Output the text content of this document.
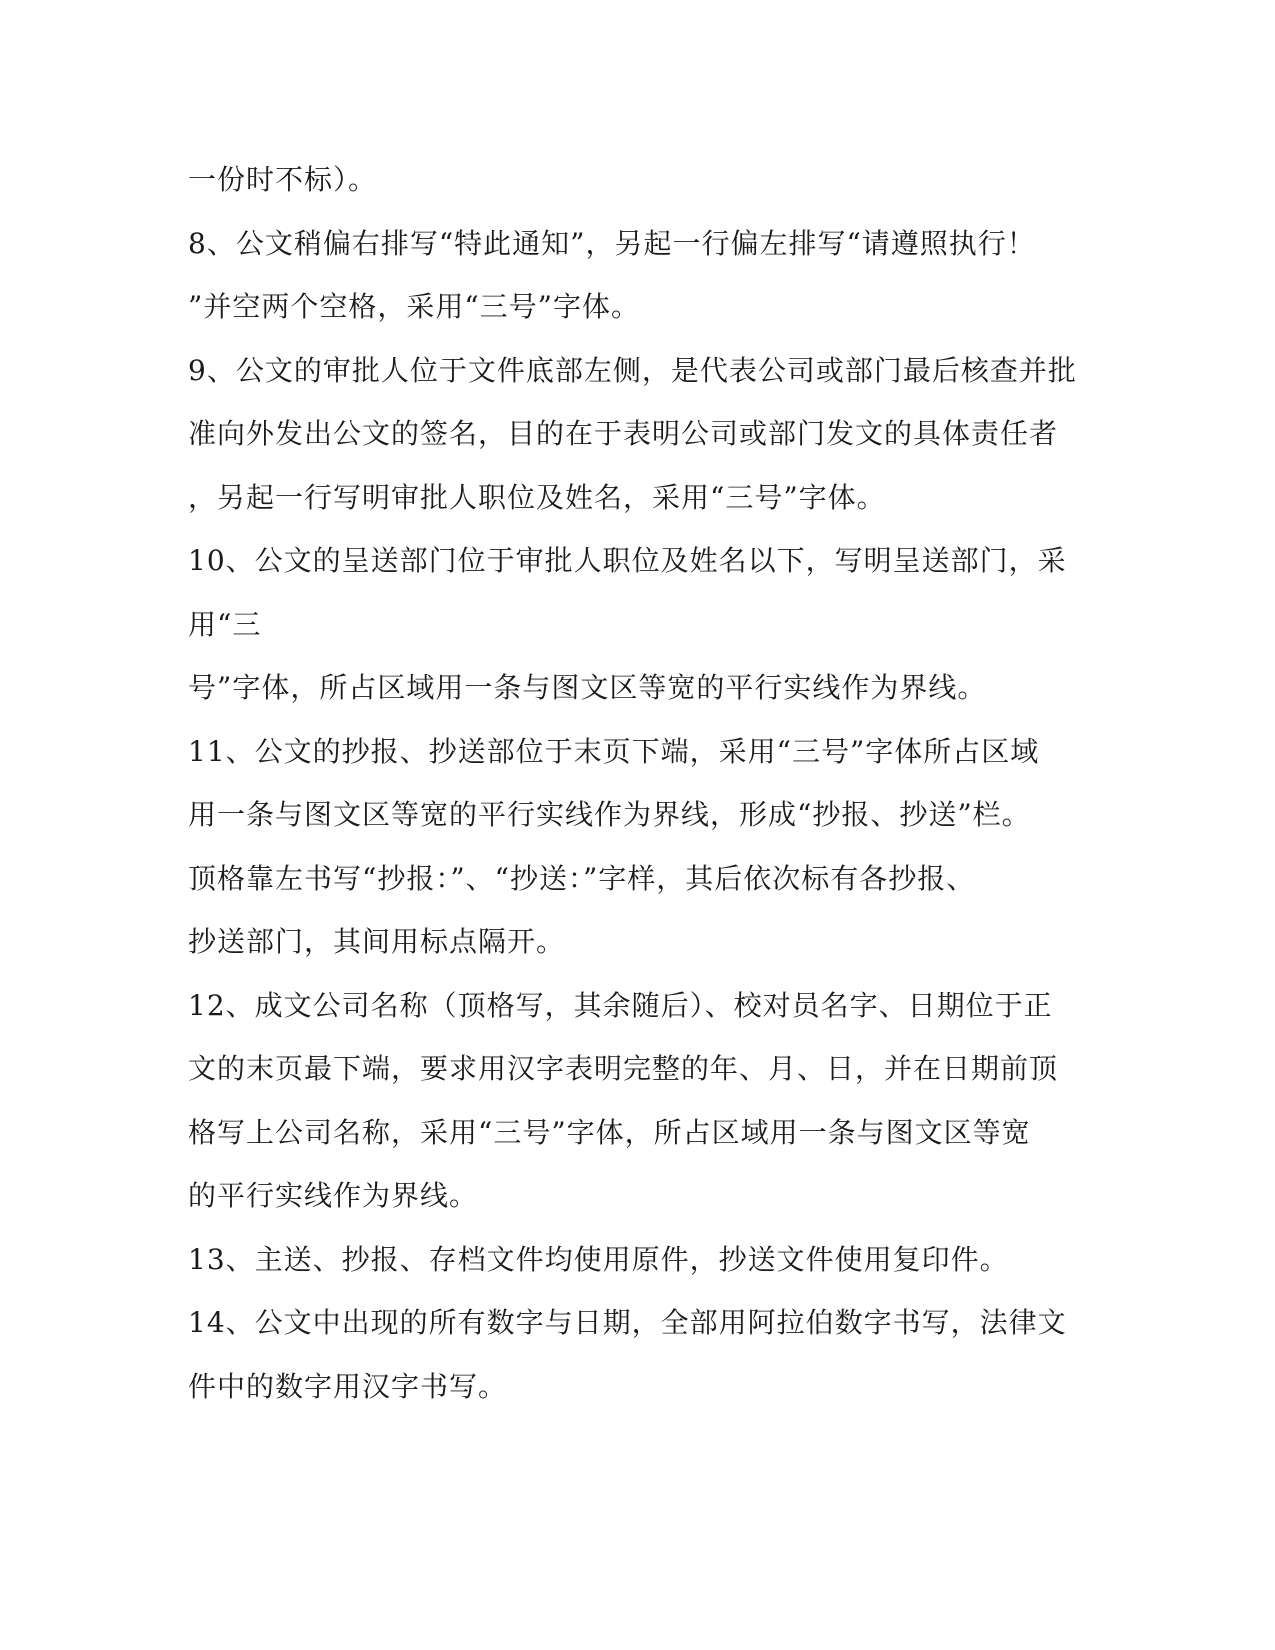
一份时不标）。
8、公文稍偏右排写“特此通知”，另起一行偏左排写“请遵照执行！
”并空两个空格，采用“三号”字体。
9、公文的审批人位于文件底部左侧，是代表公司或部门最后核查并批
准向外发出公文的签名，目的在于表明公司或部门发文的具体责任者
，另起一行写明审批人职位及姓名，采用“三号”字体。
10、公文的呈送部门位于审批人职位及姓名以下，写明呈送部门，采
用“三
号”字体，所占区域用一条与图文区等宽的平行实线作为界线。
11、公文的抄报、抄送部位于末页下端，采用“三号”字体所占区域
用一条与图文区等宽的平行实线作为界线，形成“抄报、抄送”栏。
顶格靠左书写“抄报：”、“抄送：”字样，其后依次标有各抄报、
抄送部门，其间用标点隔开。
12、成文公司名称（顶格写，其余随后）、校对员名字、日期位于正
文的末页最下端，要求用汉字表明完整的年、月、日，并在日期前顶
格写上公司名称，采用“三号”字体，所占区域用一条与图文区等宽
的平行实线作为界线。
13、主送、抄报、存档文件均使用原件，抄送文件使用复印件。
14、公文中出现的所有数字与日期，全部用阿拉伯数字书写，法律文
件中的数字用汉字书写。
